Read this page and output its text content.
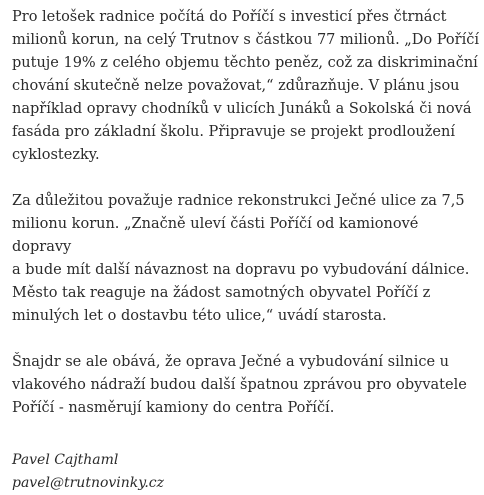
Pro letošek radnice počítá do Poříčí s investicí přes čtrnáct
milionů korun, na celý Trutnov s částkou 77 milionů. „Do Poříčí
putuje 19% z celého objemu těchto peněz, což za diskriminační
chování skutečně nelze považovat,“ zdůrazňuje. V plánu jsou
například opravy chodníků v ulicích Junáků a Sokolská či nová
fasáda pro základní školu. Připravuje se projekt prodloužení
cyklostezky.

Za důležitou považuje radnice rekonstrukci Ječné ulice za 7,5
milionu korun. „Značně uleví části Poříčí od kamionové dopravy
a bude mít další návaznost na dopravu po vybudování dálnice.
Město tak reaguje na žádost samotných obyvatel Poříčí z
minulých let o dostavbu této ulice,“ uvádí starosta.

Šnajdr se ale obává, že oprava Ječné a vybudování silnice u
vlakového nádraží budou další špatnou zprávou pro obyvatele
Poříčí - nasměrují kamiony do centra Poříčí.

Pavel Cajthaml
pavel@trutnovinky.cz
